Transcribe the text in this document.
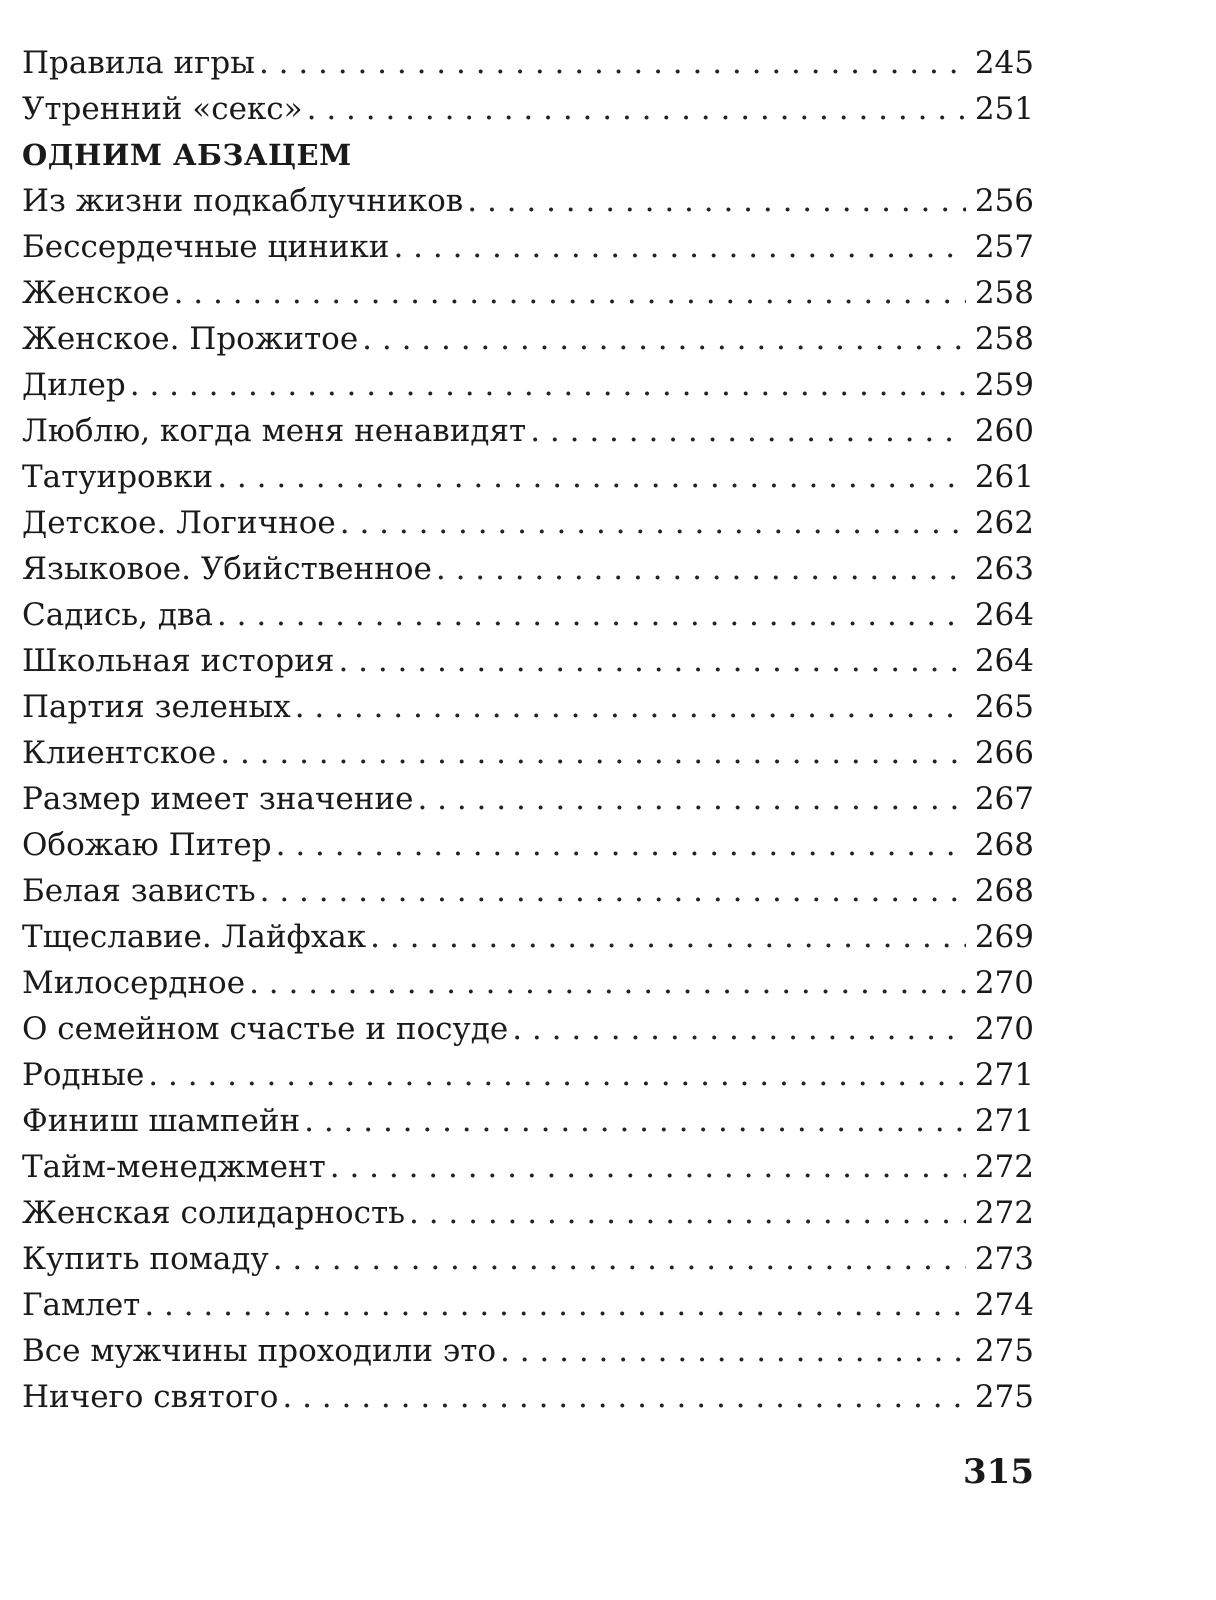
Правила игры . . .	245
Утренний «секс» . . .	251
ОДНИМ АБЗАЦЕМ
Из жизни подкаблучников . . .	256
Бессердечные циники . . .	257
Женское . . .	258
Женское. Прожитое . . .	258
Дилер . . .	259
Люблю, когда меня ненавидят . . .	260
Татуировки . . .	261
Детское. Логичное . . .	262
Языковое. Убийственное . . .	263
Садись, два . . .	264
Школьная история . . .	264
Партия зеленых . . .	265
Клиентское . . .	266
Размер имеет значение . . .	267
Обожаю Питер . . .	268
Белая зависть . . .	268
Тщеславие. Лайфхак . . .	269
Милосердное . . .	270
О семейном счастье и посуде . . .	270
Родные . . .	271
Финиш шампейн . . .	271
Тайм-менеджмент . . .	272
Женская солидарность . . .	272
Купить помаду . . .	273
Гамлет . . .	274
Все мужчины проходили это . . .	275
Ничего святого . . .	275
315
